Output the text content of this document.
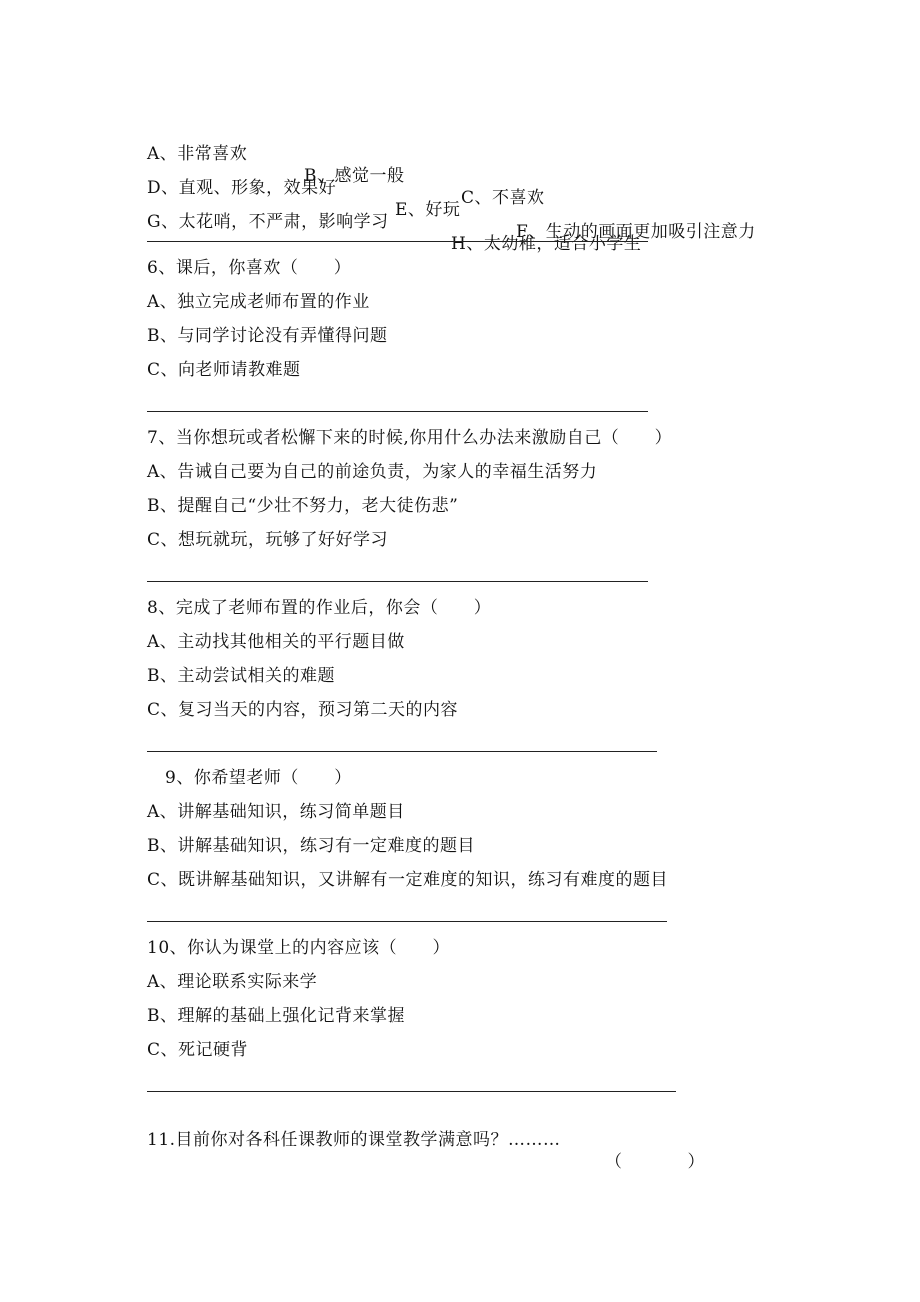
A、非常喜欢

B、感觉一般

C、不喜欢

D、直观、形象，效果好

E、好玩

F、生动的画面更加吸引注意力

G、太花哨，不严肃，影响学习

H、太幼稚，适合小学生

6、课后，你喜欢（      ）
A、独立完成老师布置的作业
B、与同学讨论没有弄懂得问题
C、向老师请教难题
7、当你想玩或者松懈下来的时候,你用什么办法来激励自己（      ）
A、告诫自己要为自己的前途负责，为家人的幸福生活努力
B、提醒自己“少壮不努力，老大徒伤悲”
C、想玩就玩，玩够了好好学习
8、完成了老师布置的作业后，你会（      ）
A、主动找其他相关的平行题目做
B、主动尝试相关的难题
C、复习当天的内容，预习第二天的内容
9、你希望老师（      ）
A、讲解基础知识，练习简单题目
B、讲解基础知识，练习有一定难度的题目
C、既讲解基础知识，又讲解有一定难度的知识，练习有难度的题目
10、你认为课堂上的内容应该（      ）
A、理论联系实际来学
B、理解的基础上强化记背来掌握
C、死记硬背

11.目前你对各科任课教师的课堂教学满意吗？………

（           ）
